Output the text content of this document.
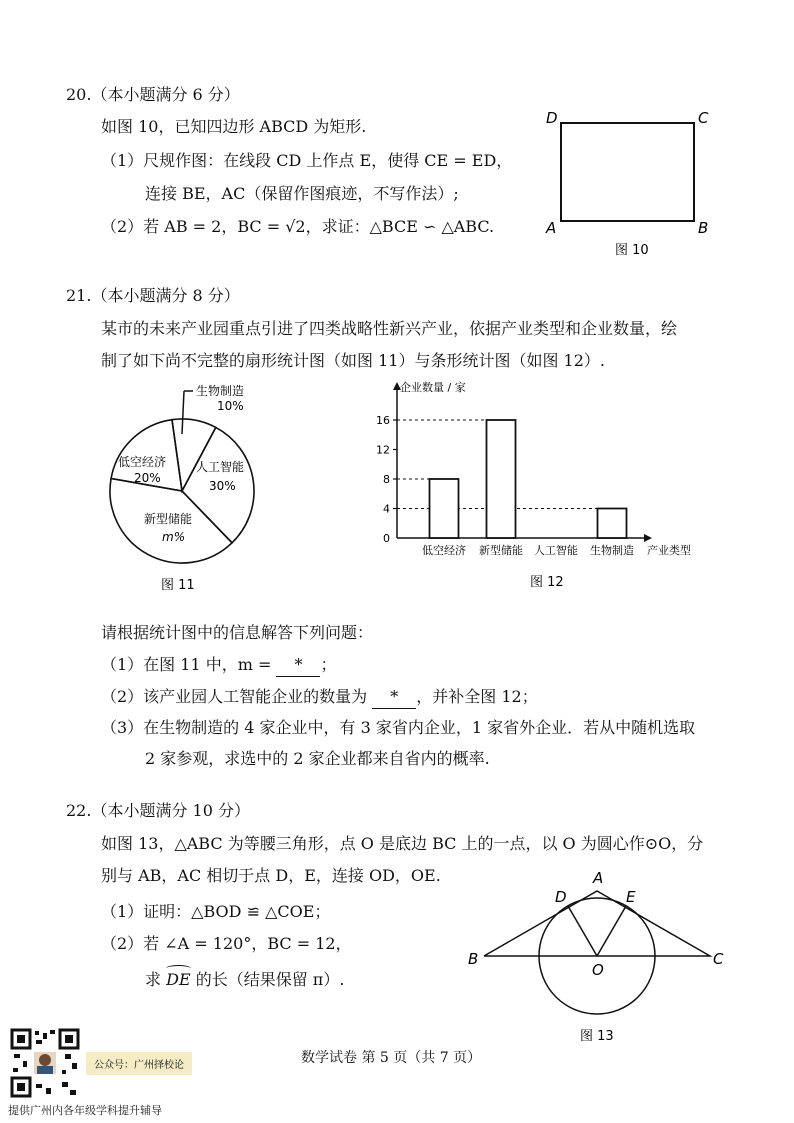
20.（本小题满分 6 分）
如图 10，已知四边形 ABCD 为矩形.
（1）尺规作图：在线段 CD 上作点 E，使得 CE = ED，
连接 BE，AC（保留作图痕迹，不写作法）;
（2）若 AB = 2，BC = √2，求证：△BCE ∽ △ABC.
D	C
A	B
图 10
21.（本小题满分 8 分）
某市的未来产业园重点引进了四类战略性新兴产业，依据产业类型和企业数量，绘
制了如下尚不完整的扇形统计图（如图 11）与条形统计图（如图 12）.
生物制造
10%
人工智能
30%
新型储能
m%
低空经济
20%
图 11
企业数量 / 家
0
4
8
12
16
低空经济 新型储能 人工智能 生物制造 产业类型
图 12
请根据统计图中的信息解答下列问题：
（1）在图 11 中，m = * ；
（2）该产业园人工智能企业的数量为 * ，并补全图 12；
（3）在生物制造的 4 家企业中，有 3 家省内企业，1 家省外企业．若从中随机选取
2 家参观，求选中的 2 家企业都来自省内的概率.
22.（本小题满分 10 分）
如图 13，△ABC 为等腰三角形，点 O 是底边 BC 上的一点，以 O 为圆心作⊙O，分
别与 AB，AC 相切于点 D，E，连接 OD，OE.
（1）证明：△BOD ≌ △COE；
（2）若 ∠A = 120°，BC = 12，
求 DE 的长（结果保留 π）.
A
D	E
B	C
O
图 13
公众号：广州择校论	数学试卷 第 5 页（共 7 页）
提供广州内各年级学科提升辅导
